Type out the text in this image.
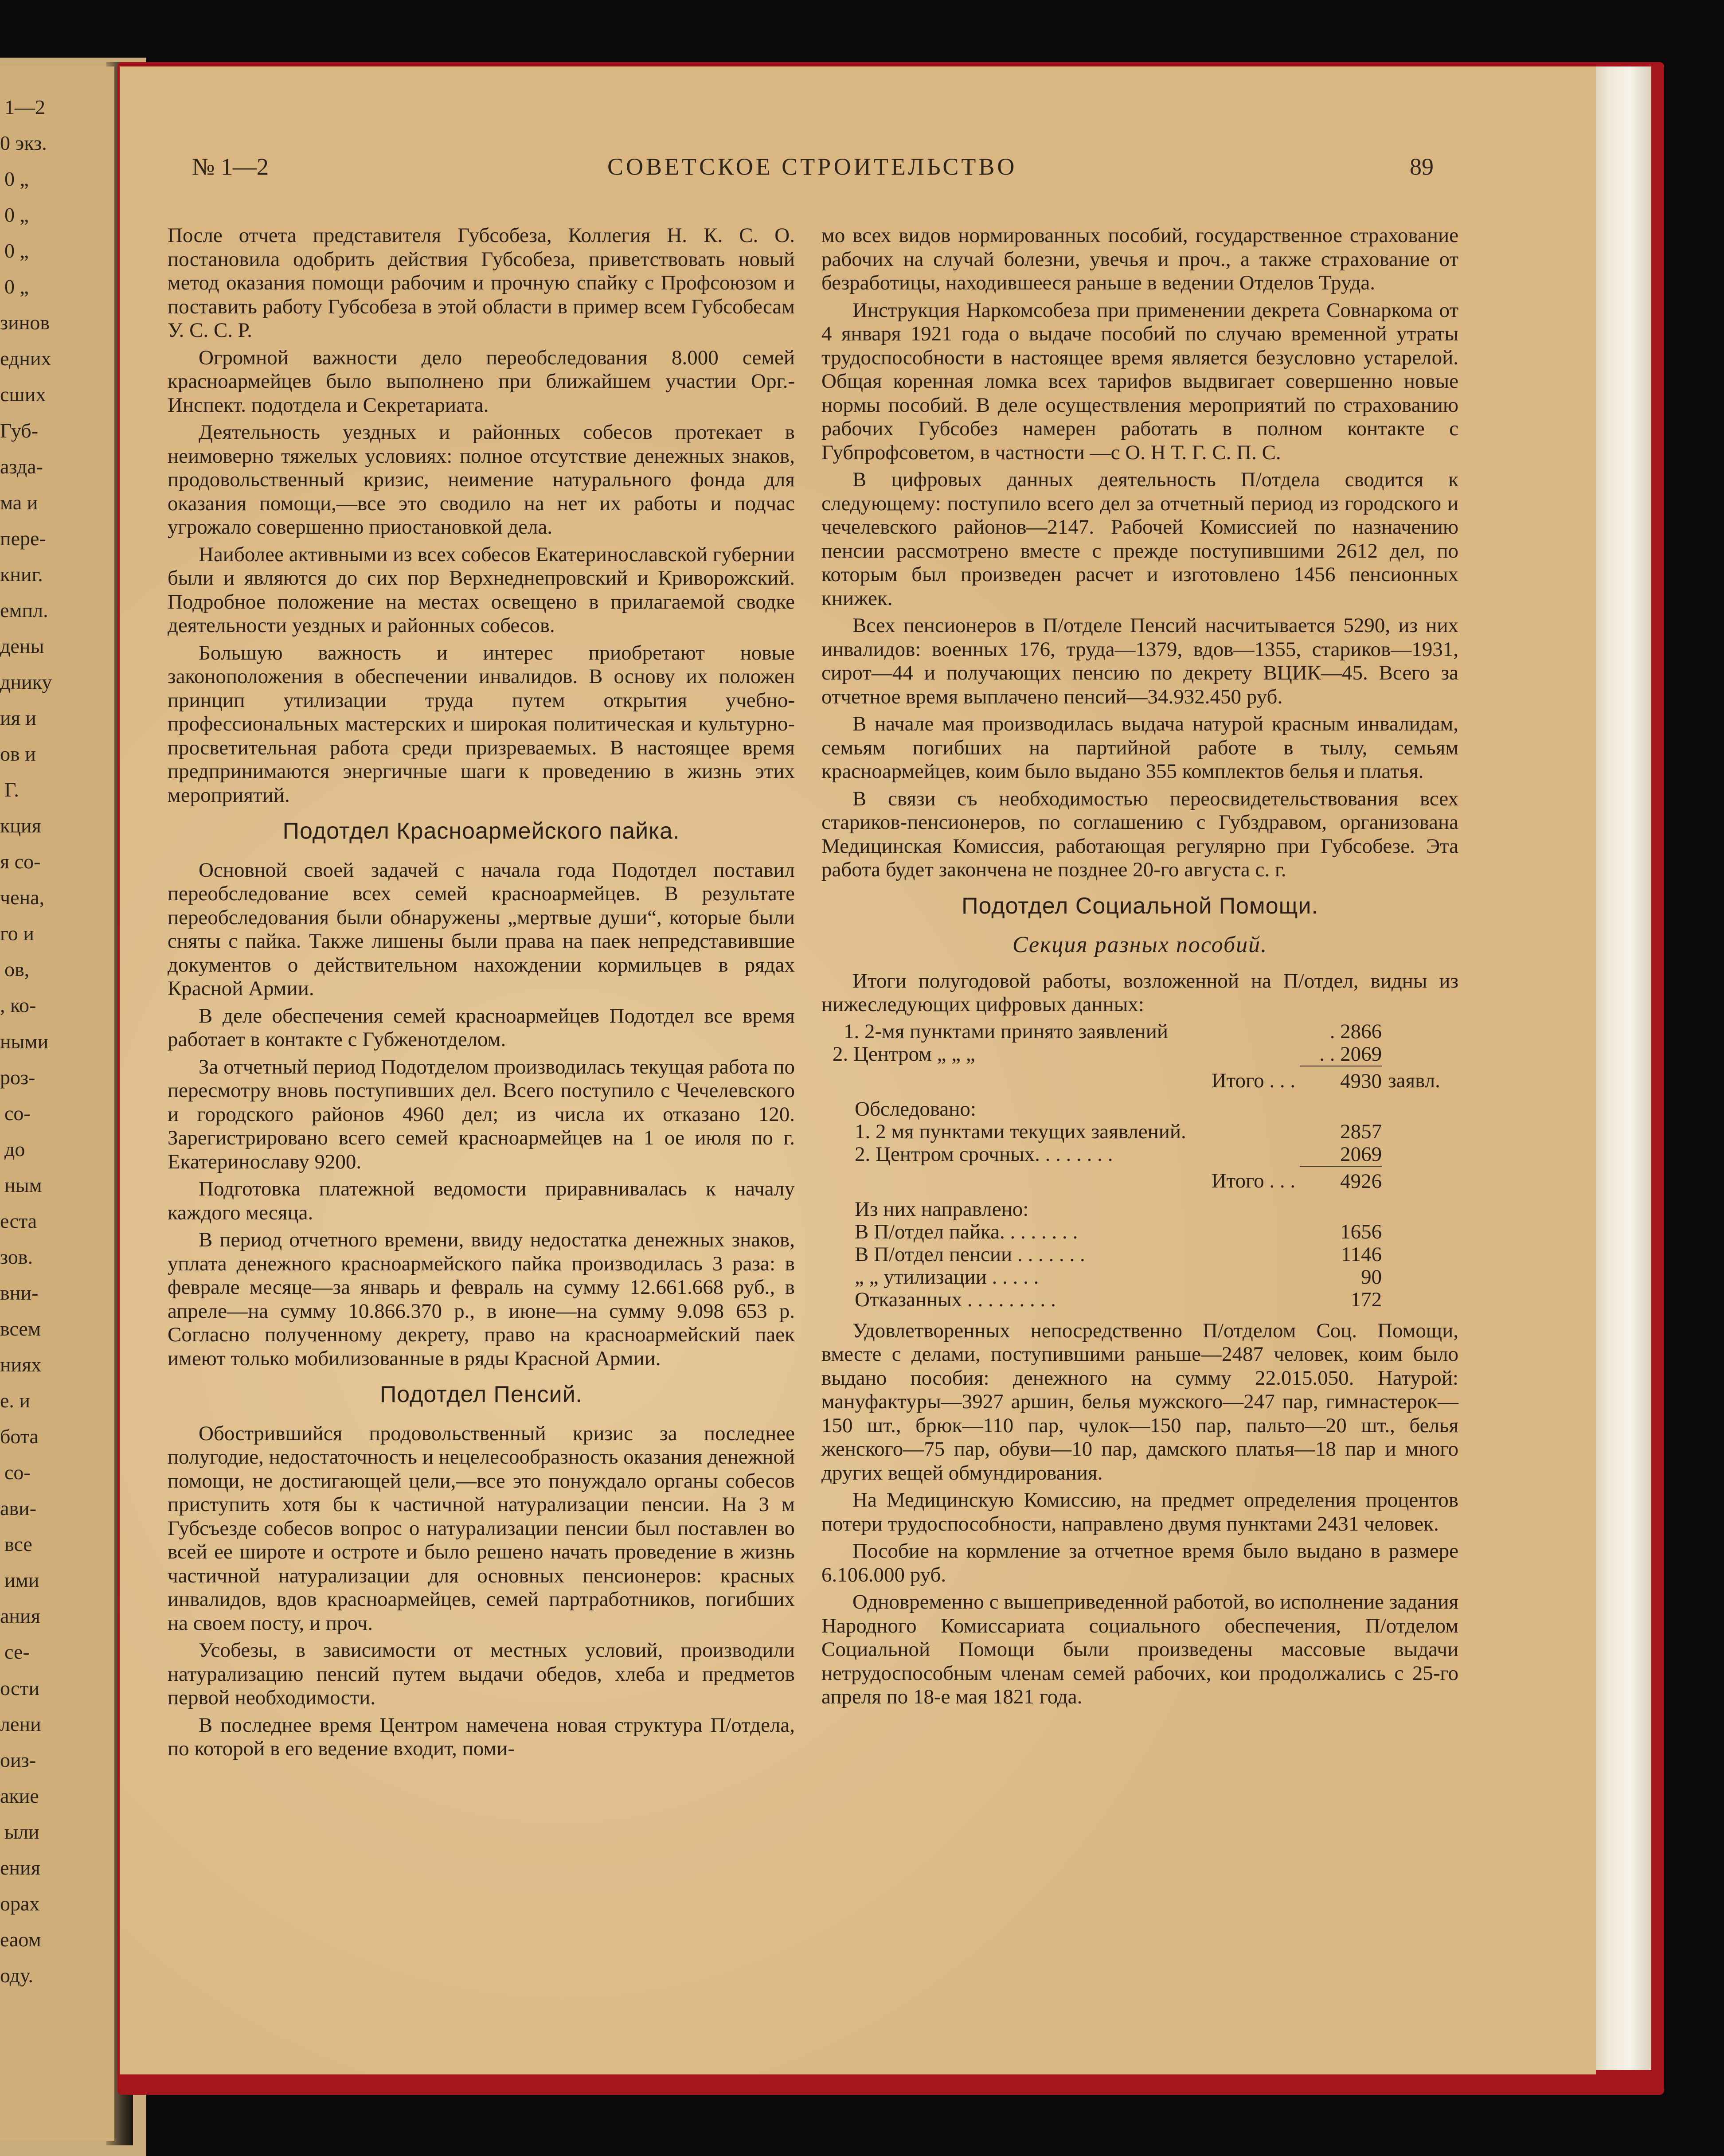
1—2
0 экз.
0 „
0 „
0 „
0 „
зинов
едних
сших
Губ-
азда-
ма и
пере-
книг.
емпл.
дены
днику
ия и
ов и
Г.
кция
я со-
чена,
го и
ов,
, ко-
ными
роз-
со-
до
ным
еста
зов.
вни-
всем
ниях
е. и
бота
со-
ави-
все
ими
ания
се-
ости
лени
оиз-
акие
ыли
ения
орах
еаом
оду.
№ 1—2	СОВЕТСКОЕ СТРОИТЕЛЬСТВО	89

После отчета представителя Губсобеза, Коллегия Н. К. С. О. постановила одобрить действия Губсобеза, приветствовать новый метод оказания помощи рабочим и прочную спайку с Профсоюзом и поставить работу Губсобеза в этой области в пример всем Губсобесам У. С. С. Р.

Огромной важности дело переобследования 8.000 семей красноармейцев было выполнено при ближайшем участии Орг.-Инспект. подотдела и Секретариата.

Деятельность уездных и районных собесов протекает в неимоверно тяжелых условиях: полное отсутствие денежных знаков, продовольственный кризис, неимение натурального фонда для оказания помощи,—все это сводило на нет их работы и подчас угрожало совершенно приостановкой дела.

Наиболее активными из всех собесов Екатеринославской губернии были и являются до сих пор Верхнеднепровский и Криворожский. Подробное положение на местах освещено в прилагаемой сводке деятельности уездных и районных собесов.

Большую важность и интерес приобретают новые законоположения в обеспечении инвалидов. В основу их положен принцип утилизации труда путем открытия учебно-профессиональных мастерских и широкая политическая и культурно-просветительная работа среди призреваемых. В настоящее время предпринимаются энергичные шаги к проведению в жизнь этих мероприятий.

Подотдел Красноармейского пайка.

Основной своей задачей с начала года Подотдел поставил переобследование всех семей красноармейцев. В результате переобследования были обнаружены „мертвые души“, которые были сняты с пайка. Также лишены были права на паек непредставившие документов о действительном нахождении кормильцев в рядах Красной Армии.

В деле обеспечения семей красноармейцев Подотдел все время работает в контакте с Губженотделом.

За отчетный период Подотделом производилась текущая работа по пересмотру вновь поступивших дел. Всего поступило с Чечелевского и городского районов 4960 дел; из числа их отказано 120. Зарегистрировано всего семей красноармейцев на 1 ое июля по г. Екатеринославу 9200.

Подготовка платежной ведомости приравнивалась к началу каждого месяца.

В период отчетного времени, ввиду недостатка денежных знаков, уплата денежного красноармейского пайка производилась 3 раза: в феврале месяце—за январь и февраль на сумму 12.661.668 руб., в апреле—на сумму 10.866.370 р., в июне—на сумму 9.098 653 р. Согласно полученному декрету, право на красноармейский паек имеют только мобилизованные в ряды Красной Армии.

Подотдел Пенсий.

Обострившийся продовольственный кризис за последнее полугодие, недостаточность и нецелесообразность оказания денежной помощи, не достигающей цели,—все это понуждало органы собесов приступить хотя бы к частичной натурализации пенсии. На 3 м Губсъезде собесов вопрос о натурализации пенсии был поставлен во всей ее широте и остроте и было решено начать проведение в жизнь частичной натурализации для основных пенсионеров: красных инвалидов, вдов красноармейцев, семей партработников, погибших на своем посту, и проч.

Усобезы, в зависимости от местных условий, производили натурализацию пенсий путем выдачи обедов, хлеба и предметов первой необходимости.

В последнее время Центром намечена новая структура П/отдела, по которой в его ведение входит, поми-

мо всех видов нормированных пособий, государственное страхование рабочих на случай болезни, увечья и проч., а также страхование от безработицы, находившееся раньше в ведении Отделов Труда.

Инструкция Наркомсобеза при применении декрета Совнаркома от 4 января 1921 года о выдаче пособий по случаю временной утраты трудоспособности в настоящее время является безусловно устарелой. Общая коренная ломка всех тарифов выдвигает совершенно новые нормы пособий. В деле осуществления мероприятий по страхованию рабочих Губсобез намерен работать в полном контакте с Губпрофсоветом, в частности —с О. Н Т. Г. С. П. С.

В цифровых данных деятельность П/отдела сводится к следующему: поступило всего дел за отчетный период из городского и чечелевского районов—2147. Рабочей Комиссией по назначению пенсии рассмотрено вместе с прежде поступившими 2612 дел, по которым был произведен расчет и изготовлено 1456 пенсионных книжек.

Всех пенсионеров в П/отделе Пенсий насчитывается 5290, из них инвалидов: военных 176, труда—1379, вдов—1355, стариков—1931, сирот—44 и получающих пенсию по декрету ВЦИК—45. Всего за отчетное время выплачено пенсий—34.932.450 руб.

В начале мая производилась выдача натурой красным инвалидам, семьям погибших на партийной работе в тылу, семьям красноармейцев, коим было выдано 355 комплектов белья и платья.

В связи съ необходимостью переосвидетельствования всех стариков-пенсионеров, по соглашению с Губздравом, организована Медицинская Комиссия, работающая регулярно при Губсобезе. Эта работа будет закончена не позднее 20-го августа с. г.

Подотдел Социальной Помощи.
Секция разных пособий.

Итоги полугодовой работы, возложенной на П/отдел, видны из нижеследующих цифровых данных:

1. 2-мя пунктами принято заявлений	. 2866	
2. Центром „ „ „	. . 2069	
Итого . . .	4930	заявл.

Обследовано:		
1. 2 мя пунктами текущих заявлений.	2857	
2. Центром срочных. . . . . . . .	2069	
Итого . . .	4926	

Из них направлено:		
В П/отдел пайка. . . . . . . .	1656	
В П/отдел пенсии . . . . . . .	1146	
„ „ утилизации . . . . .	90	
Отказанных . . . . . . . . .	172	

Удовлетворенных непосредственно П/отделом Соц. Помощи, вместе с делами, поступившими раньше—2487 человек, коим было выдано пособия: денежного на сумму 22.015.050. Натурой: мануфактуры—3927 аршин, белья мужского—247 пар, гимнастерок—150 шт., брюк—110 пар, чулок—150 пар, пальто—20 шт., белья женского—75 пар, обуви—10 пар, дамского платья—18 пар и много других вещей обмундирования.

На Медицинскую Комиссию, на предмет определения процентов потери трудоспособности, направлено двумя пунктами 2431 человек.

Пособие на кормление за отчетное время было выдано в размере 6.106.000 руб.

Одновременно с вышеприведенной работой, во исполнение задания Народного Комиссариата социального обеспечения, П/отделом Социальной Помощи были произведены массовые выдачи нетрудоспособным членам семей рабочих, кои продолжались с 25-го апреля по 18-е мая 1821 года.
